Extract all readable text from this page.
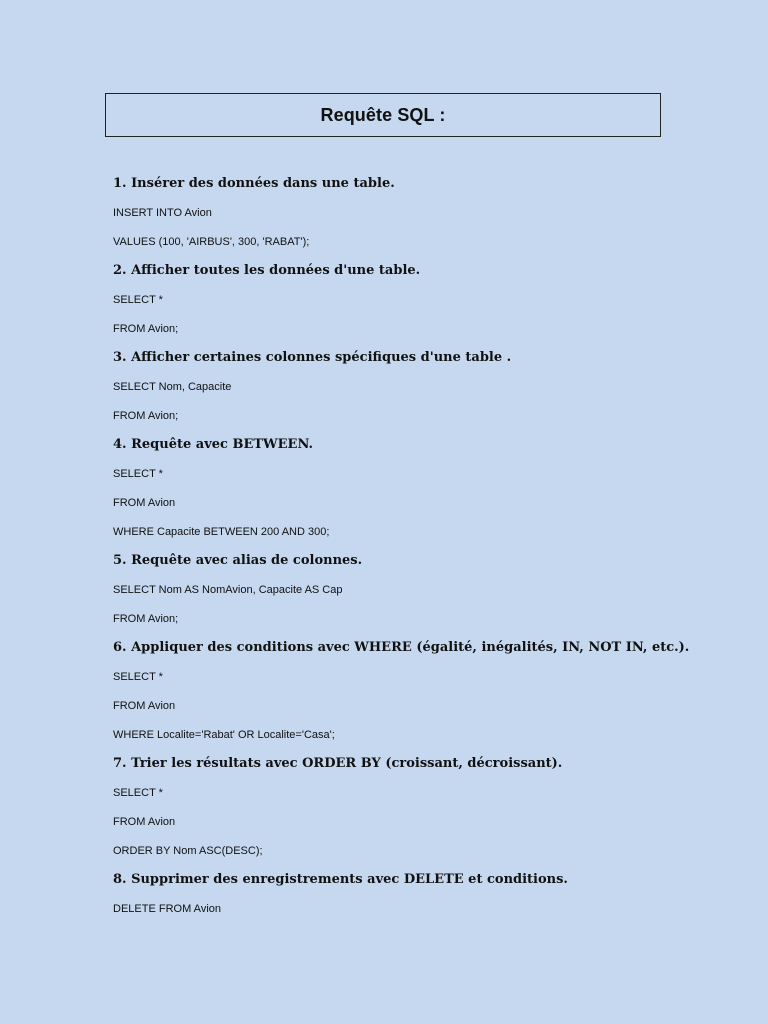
Requête SQL :
1. Insérer des données dans une table.
INSERT INTO Avion
VALUES (100, 'AIRBUS', 300, 'RABAT');
2. Afficher toutes les données d'une table.
SELECT *
FROM Avion;
3. Afficher certaines colonnes spécifiques d'une table .
SELECT Nom, Capacite
FROM Avion;
4. Requête avec BETWEEN.
SELECT *
FROM Avion
WHERE Capacite BETWEEN 200 AND 300;
5. Requête avec alias de colonnes.
SELECT Nom AS NomAvion, Capacite AS Cap
FROM Avion;
6. Appliquer des conditions avec WHERE (égalité, inégalités, IN, NOT IN, etc.).
SELECT *
FROM Avion
WHERE Localite='Rabat' OR Localite='Casa';
7. Trier les résultats avec ORDER BY (croissant, décroissant).
SELECT *
FROM Avion
ORDER BY Nom ASC(DESC);
8. Supprimer des enregistrements avec DELETE et conditions.
DELETE FROM Avion
